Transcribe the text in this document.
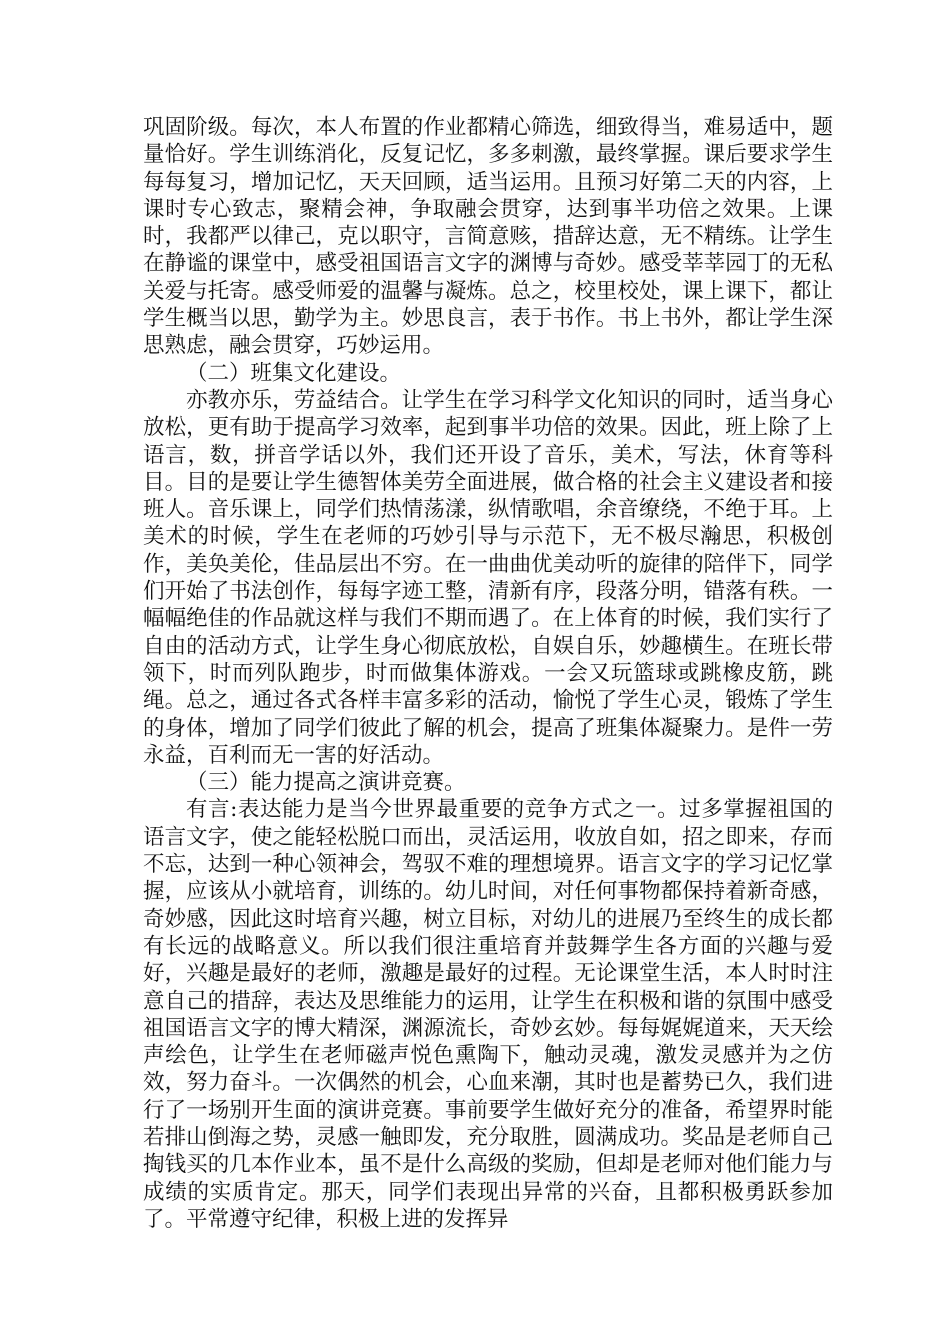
巩固阶级。每次，本人布置的作业都精心筛选，细致得当，难易适中，题量恰好。学生训练消化，反复记忆，多多刺激，最终掌握。课后要求学生每每复习，增加记忆，天天回顾，适当运用。且预习好第二天的内容，上课时专心致志，聚精会神，争取融会贯穿，达到事半功倍之效果。上课时，我都严以律己，克以职守，言简意赅，措辞达意，无不精练。让学生在静谧的课堂中，感受祖国语言文字的渊博与奇妙。感受莘莘园丁的无私关爱与托寄。感受师爱的温馨与凝炼。总之，校里校处，课上课下，都让学生概当以思，勤学为主。妙思良言，表于书作。书上书外，都让学生深思熟虑，融会贯穿，巧妙运用。

（二）班集文化建设。

亦教亦乐，劳益结合。让学生在学习科学文化知识的同时，适当身心放松，更有助于提高学习效率，起到事半功倍的效果。因此，班上除了上语言，数，拼音学话以外，我们还开设了音乐，美术，写法，休育等科目。目的是要让学生德智体美劳全面进展，做合格的社会主义建设者和接班人。音乐课上，同学们热情荡漾，纵情歌唱，余音缭绕，不绝于耳。上美术的时候，学生在老师的巧妙引导与示范下，无不极尽瀚思，积极创作，美奂美伦，佳品层出不穷。在一曲曲优美动听的旋律的陪伴下，同学们开始了书法创作，每每字迹工整，清新有序，段落分明，错落有秩。一幅幅绝佳的作品就这样与我们不期而遇了。在上体育的时候，我们实行了自由的活动方式，让学生身心彻底放松，自娱自乐，妙趣横生。在班长带领下，时而列队跑步，时而做集体游戏。一会又玩篮球或跳橡皮筋，跳绳。总之，通过各式各样丰富多彩的活动，愉悦了学生心灵，锻炼了学生的身体，增加了同学们彼此了解的机会，提高了班集体凝聚力。是件一劳永益，百利而无一害的好活动。

（三）能力提高之演讲竞赛。

有言:表达能力是当今世界最重要的竞争方式之一。过多掌握祖国的语言文字，使之能轻松脱口而出，灵活运用，收放自如，招之即来，存而不忘，达到一种心领神会，驾驭不难的理想境界。语言文字的学习记忆掌握，应该从小就培育，训练的。幼儿时间，对任何事物都保持着新奇感，奇妙感，因此这时培育兴趣，树立目标，对幼儿的进展乃至终生的成长都有长远的战略意义。所以我们很注重培育并鼓舞学生各方面的兴趣与爱好，兴趣是最好的老师，激趣是最好的过程。无论课堂生活，本人时时注意自己的措辞，表达及思维能力的运用，让学生在积极和谐的氛围中感受祖国语言文字的博大精深，渊源流长，奇妙玄妙。每每娓娓道来，天天绘声绘色，让学生在老师磁声悦色熏陶下，触动灵魂，激发灵感并为之仿效，努力奋斗。一次偶然的机会，心血来潮，其时也是蓄势已久，我们进行了一场别开生面的演讲竞赛。事前要学生做好充分的准备，希望界时能若排山倒海之势，灵感一触即发，充分取胜，圆满成功。奖品是老师自己掏钱买的几本作业本，虽不是什么高级的奖励，但却是老师对他们能力与成绩的实质肯定。那天，同学们表现出异常的兴奋，且都积极勇跃参加了。平常遵守纪律，积极上进的发挥异
